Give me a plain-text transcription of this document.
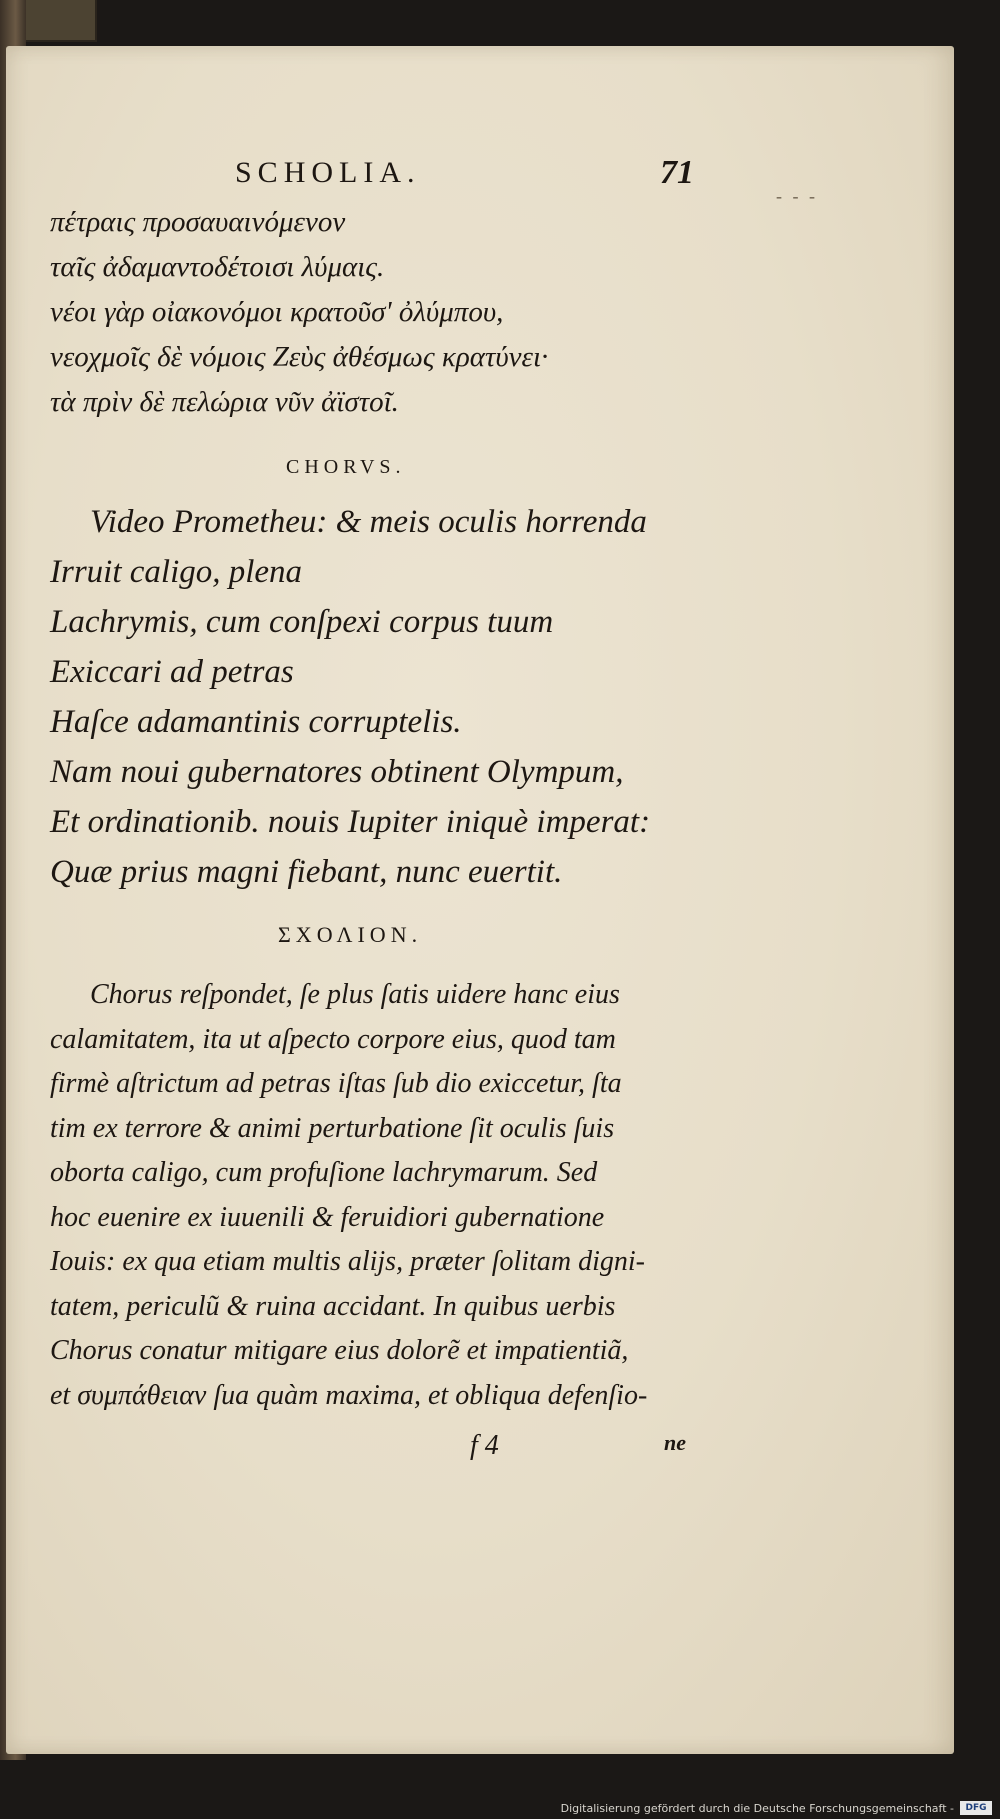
- - -
SCHOLIA.	71
πέτραις προσαυαινόμενον
ταῖς ἀδαμαντοδέτοισι λύμαις.
νέοι γὰρ οἰακονόμοι κρατοῦσ' ὀλύμπου,
νεοχμοῖς δὲ νόμοις Ζεὺς ἀθέσμως κρατύνει·
τὰ πρὶν δὲ πελώρια νῦν ἀϊστοῖ.
CHORVS.
Video Prometheu: & meis oculis horrenda
Irruit caligo, plena
Lachrymis, cum conſpexi corpus tuum
Exiccari ad petras
Haſce adamantinis corruptelis.
Nam noui gubernatores obtinent Olympum,
Et ordinationib. nouis Iupiter iniquè imperat:
Quæ prius magni fiebant, nunc euertit.
ΣΧΟΛΙΟΝ.
Chorus reſpondet, ſe plus ſatis uidere hanc eius
calamitatem, ita ut aſpecto corpore eius, quod tam
firmè aſtrictum ad petras iſtas ſub dio exiccetur, ſta
tim ex terrore & animi perturbatione ſit oculis ſuis
oborta caligo, cum profuſione lachrymarum. Sed
hoc euenire ex iuuenili & feruidiori gubernatione
Iouis: ex qua etiam multis alijs, præter ſolitam digni-
tatem, periculũ & ruina accidant. In quibus uerbis
Chorus conatur mitigare eius dolorẽ et impatientiã,
et συμπάθειαν ſua quàm maxima, et obliqua defenſio-
f 4	ne
Digitalisierung gefördert durch die Deutsche Forschungsgemeinschaft -	DFG
